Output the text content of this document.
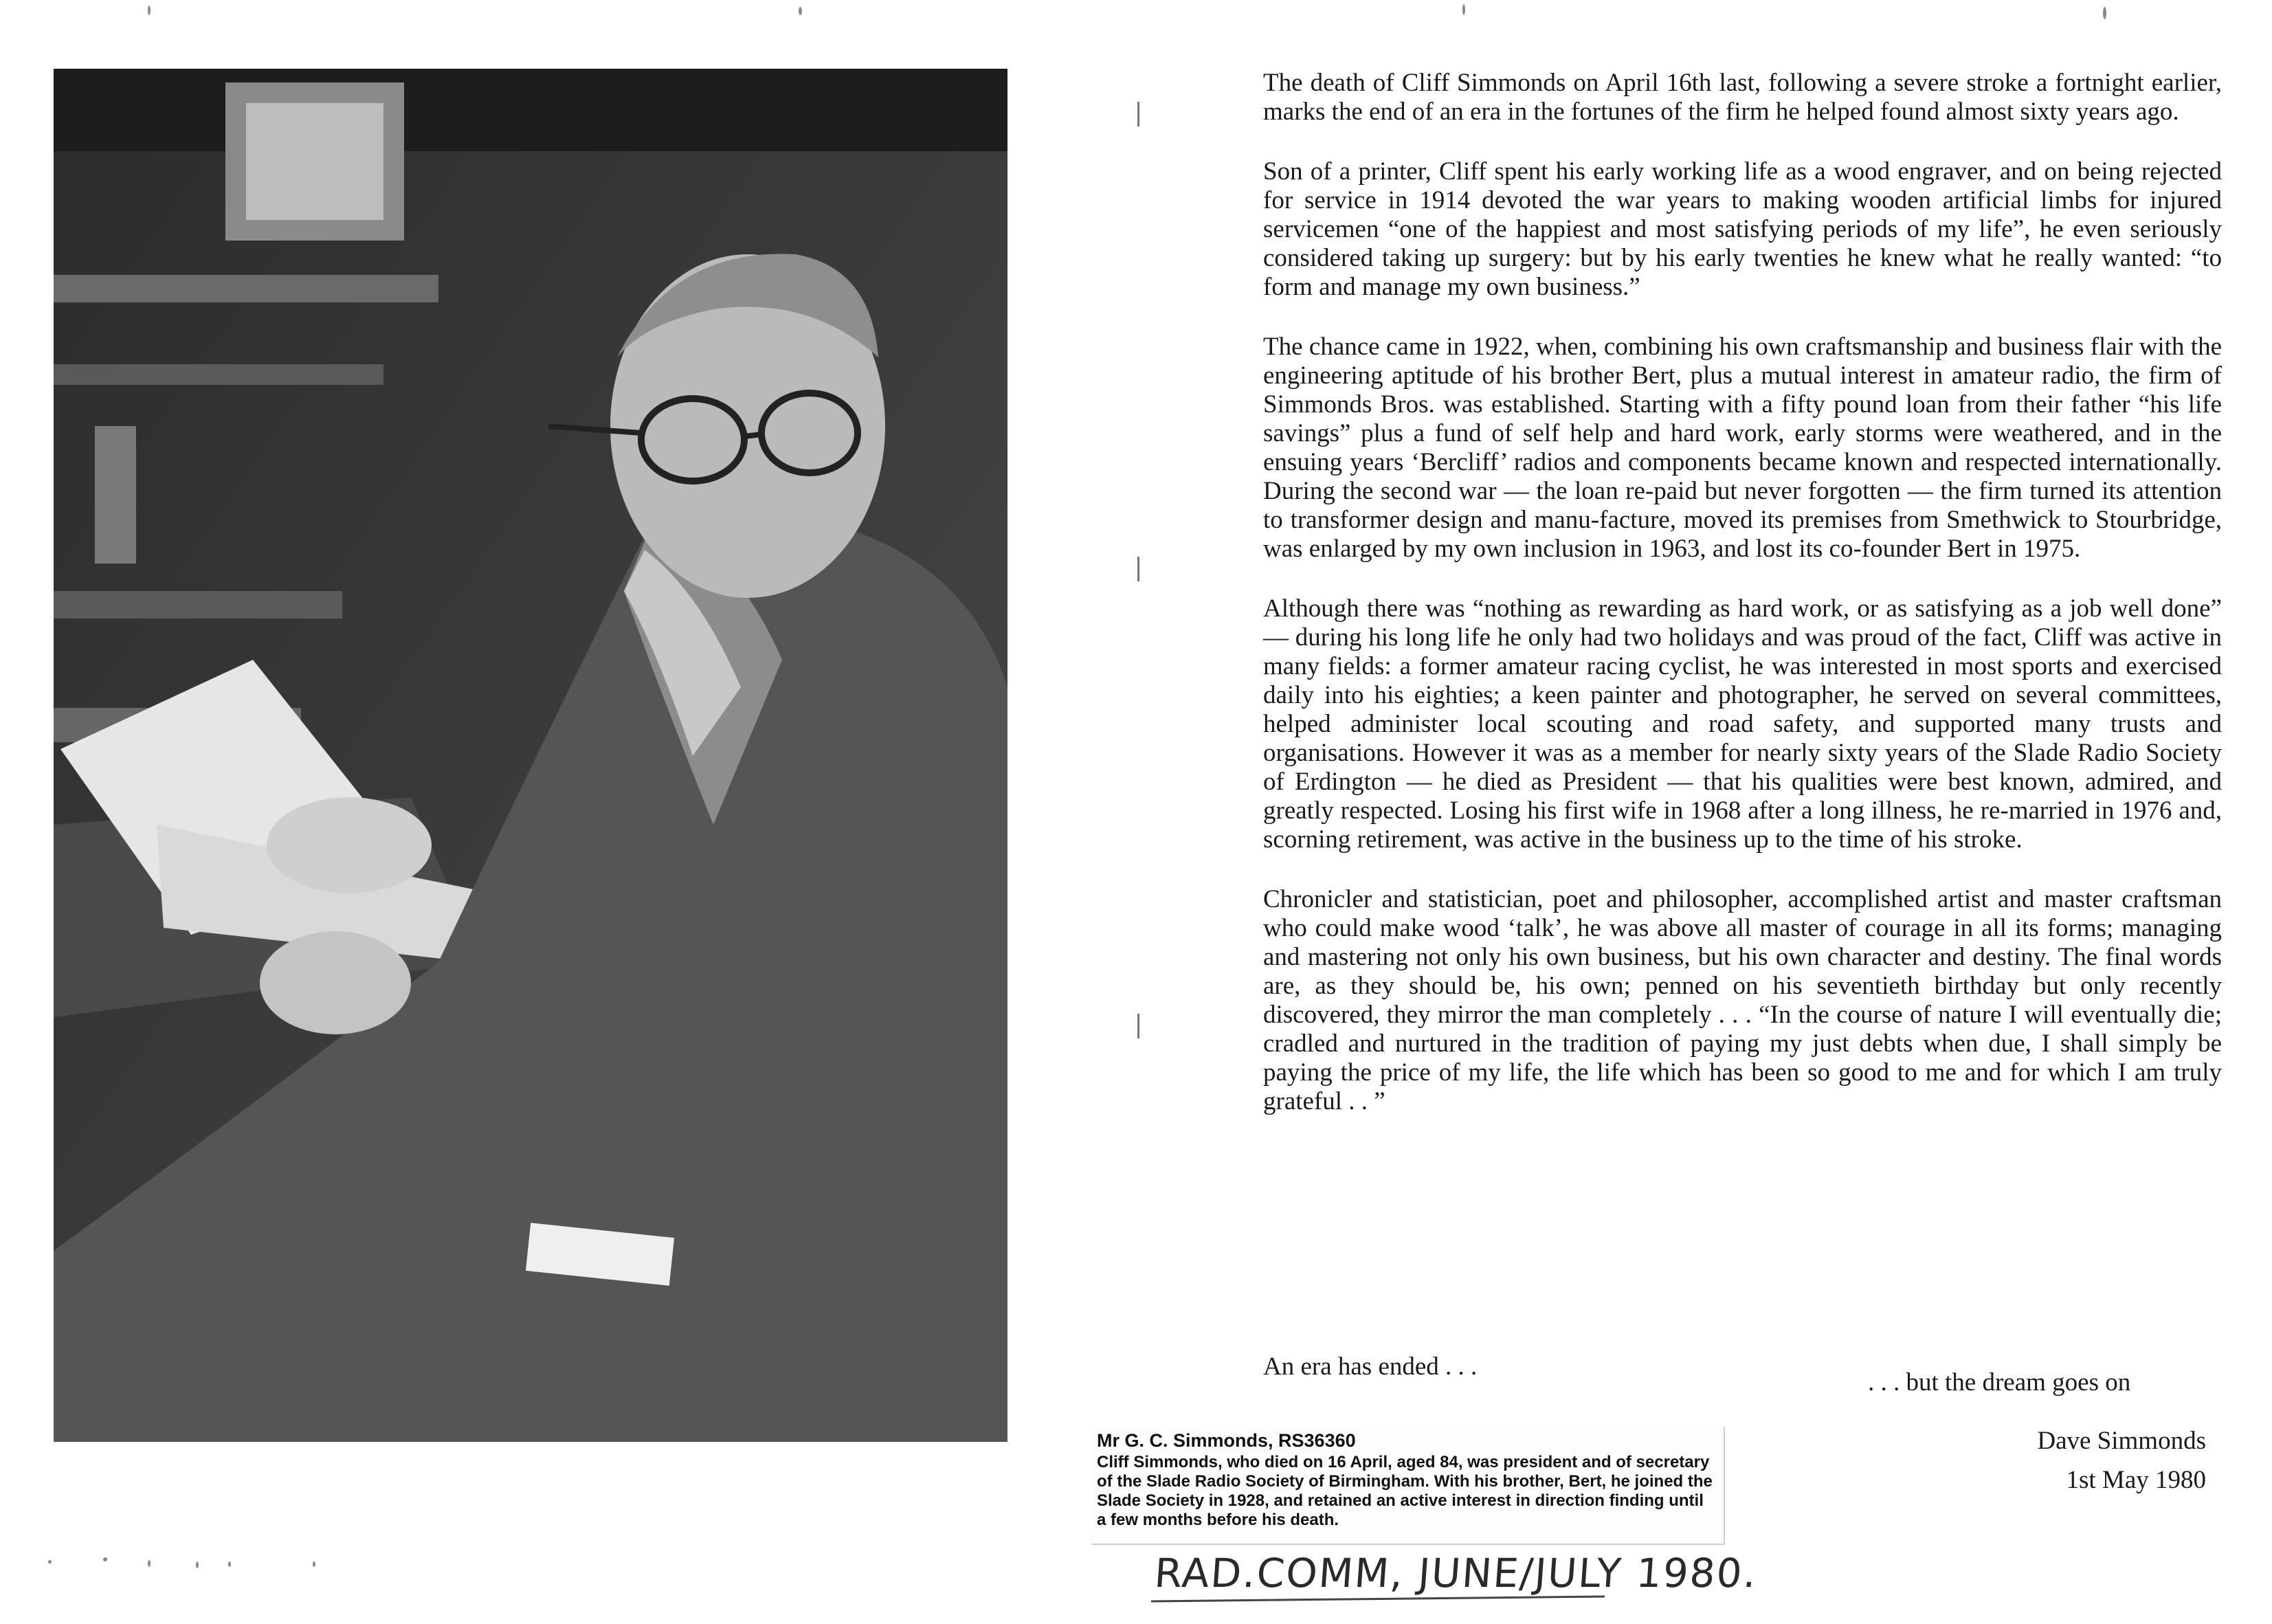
The death of Cliff Simmonds on April 16th last, following a severe stroke a fortnight earlier, marks the end of an era in the fortunes of the firm he helped found almost sixty years ago.

Son of a printer, Cliff spent his early working life as a wood engraver, and on being rejected for service in 1914 devoted the war years to making wooden artificial limbs for injured servicemen “one of the happiest and most satisfying periods of my life”, he even seriously considered taking up surgery: but by his early twenties he knew what he really wanted: “to form and manage my own business.”

The chance came in 1922, when, combining his own craftsmanship and business flair with the engineering aptitude of his brother Bert, plus a mutual interest in amateur radio, the firm of Simmonds Bros. was established. Starting with a fifty pound loan from their father “his life savings” plus a fund of self help and hard work, early storms were weathered, and in the ensuing years ‘Bercliff’ radios and components became known and respected internationally. During the second war — the loan re-paid but never forgotten — the firm turned its attention to transformer design and manu-facture, moved its premises from Smethwick to Stourbridge, was enlarged by my own inclusion in 1963, and lost its co-founder Bert in 1975.

Although there was “nothing as rewarding as hard work, or as satisfying as a job well done” — during his long life he only had two holidays and was proud of the fact, Cliff was active in many fields: a former amateur racing cyclist, he was interested in most sports and exercised daily into his eighties; a keen painter and photographer, he served on several committees, helped administer local scouting and road safety, and supported many trusts and organisations. However it was as a member for nearly sixty years of the Slade Radio Society of Erdington — he died as President — that his qualities were best known, admired, and greatly respected. Losing his first wife in 1968 after a long illness, he re-married in 1976 and, scorning retirement, was active in the business up to the time of his stroke.

Chronicler and statistician, poet and philosopher, accomplished artist and master craftsman who could make wood ‘talk’, he was above all master of courage in all its forms; managing and mastering not only his own business, but his own character and destiny. The final words are, as they should be, his own; penned on his seventieth birthday but only recently discovered, they mirror the man completely . . . “In the course of nature I will eventually die; cradled and nurtured in the tradition of paying my just debts when due, I shall simply be paying the price of my life, the life which has been so good to me and for which I am truly grateful . . ”

An era has ended . . .
. . . but the dream goes on
Dave Simmonds
1st May 1980
Mr G. C. Simmonds, RS36360
Cliff Simmonds, who died on 16 April, aged 84, was president and of secretary of the Slade Radio Society of Birmingham. With his brother, Bert, he joined the Slade Society in 1928, and retained an active interest in direction finding until a few months before his death.
RAD.COMM, JUNE/JULY 1980.
